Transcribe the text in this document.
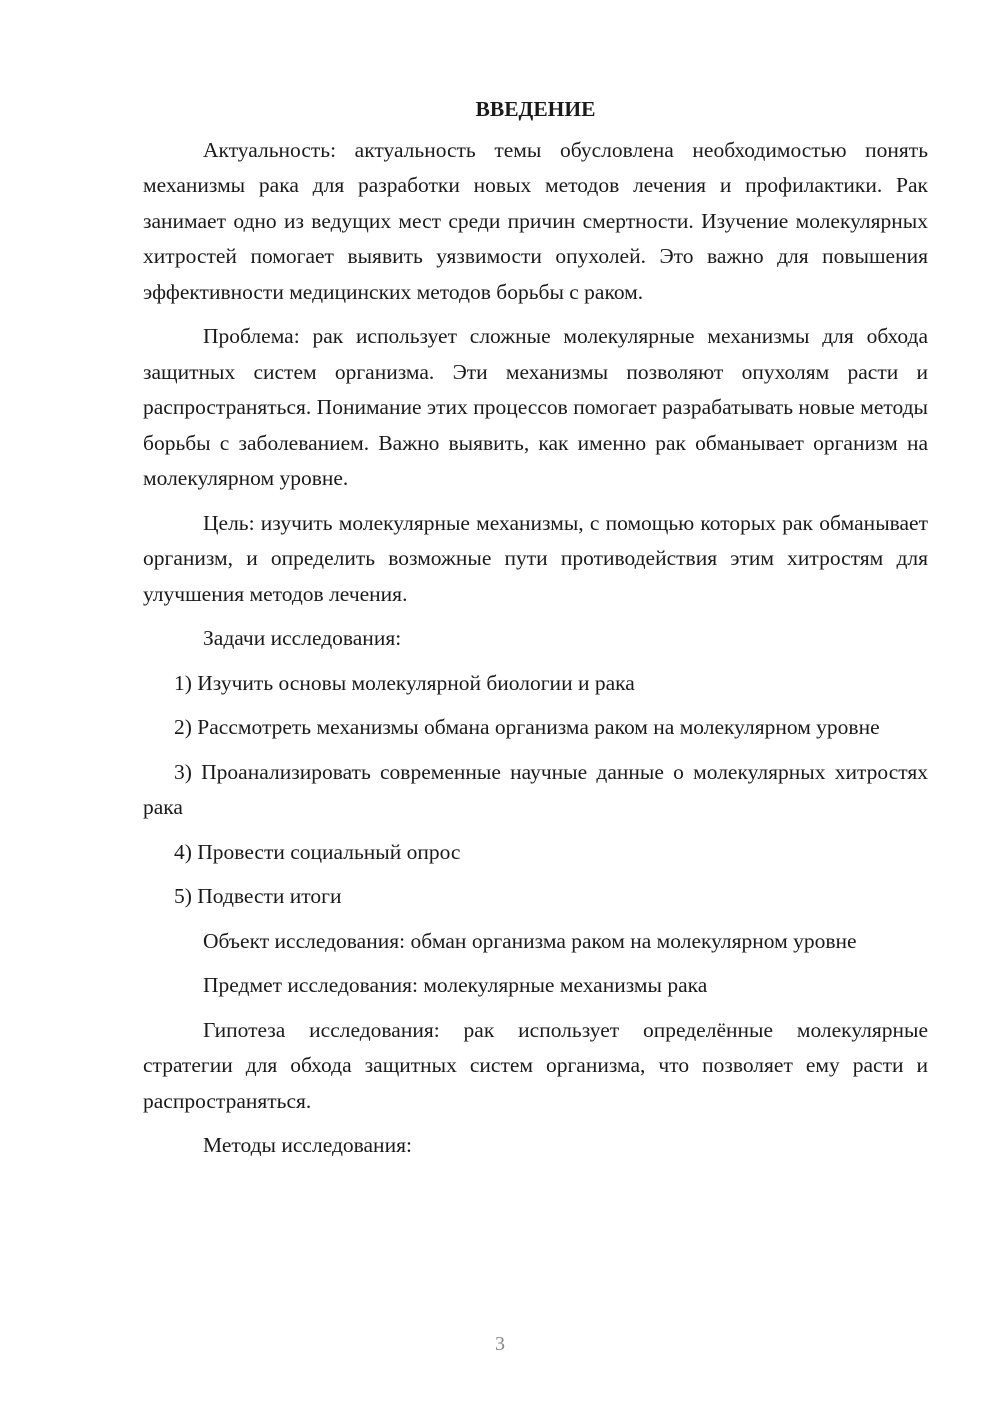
ВВЕДЕНИЕ

Актуальность: актуальность темы обусловлена необходимостью понять механизмы рака для разработки новых методов лечения и профилактики. Рак занимает одно из ведущих мест среди причин смертности. Изучение молекулярных хитростей помогает выявить уязвимости опухолей. Это важно для повышения эффективности медицинских методов борьбы с раком.

Проблема: рак использует сложные молекулярные механизмы для обхода защитных систем организма. Эти механизмы позволяют опухолям расти и распространяться. Понимание этих процессов помогает разрабатывать новые методы борьбы с заболеванием. Важно выявить, как именно рак обманывает организм на молекулярном уровне.

Цель: изучить молекулярные механизмы, с помощью которых рак обманывает организм, и определить возможные пути противодействия этим хитростям для улучшения методов лечения.

Задачи исследования:

1) Изучить основы молекулярной биологии и рака

2) Рассмотреть механизмы обмана организма раком на молекулярном уровне

3) Проанализировать современные научные данные о молекулярных хитростях рака

4) Провести социальный опрос

5) Подвести итоги

Объект исследования: обман организма раком на молекулярном уровне

Предмет исследования: молекулярные механизмы рака

Гипотеза исследования: рак использует определённые молекулярные стратегии для обхода защитных систем организма, что позволяет ему расти и распространяться.

Методы исследования:

3
